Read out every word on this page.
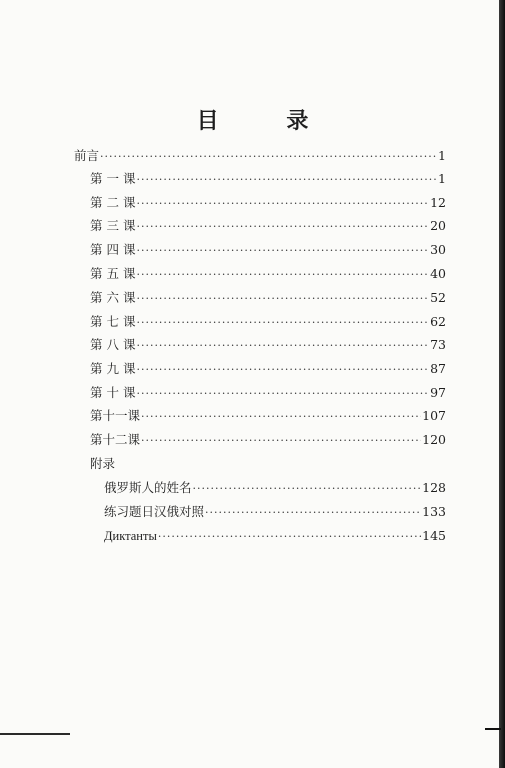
目 录
前言 ·····	1
第 一 课 ·····	1
第 二 课 ·····	12
第 三 课 ·····	20
第 四 课 ·····	30
第 五 课 ·····	40
第 六 课 ·····	52
第 七 课 ·····	62
第 八 课 ·····	73
第 九 课 ·····	87
第 十 课 ·····	97
第十一课 ·····	107
第十二课 ·····	120
附录
俄罗斯人的姓名 ·····	128
练习题日汉俄对照 ·····	133
Диктанты ·····	145
